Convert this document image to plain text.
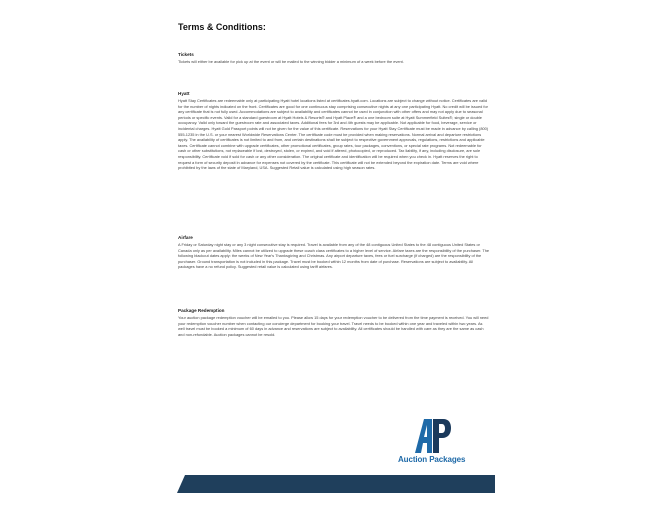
Terms & Conditions:
Tickets

Tickets will either be available for pick up at the event or will be mailed to the winning bidder a minimum of a week before the event.

Hyatt

Hyatt Stay Certificates are redeemable only at participating Hyatt hotel locations listed at certificates.hyatt.com. Locations are subject to change without notice. Certificates are valid for the number of nights indicated on the front. Certificates are good for one continuous stay comprising consecutive nights at any one participating Hyatt. No credit will be issued for any certificate that is not fully used. Accommodations are subject to availability and certificates cannot be used in conjunction with other offers and may not apply due to seasonal periods or specific events. Valid for a standard guestroom at Hyatt Hotels & Resorts® and Hyatt Place® and a one bedroom suite at Hyatt Summerfield Suites®, single or double occupancy. Valid only toward the guestroom rate and associated taxes. Additional fees for 3rd and 4th guests may be applicable. Not applicable for food, beverage, service or incidental charges. Hyatt Gold Passport points will not be given for the value of this certificate. Reservations for your Hyatt Stay Certificate must be made in advance by calling (800) 555-1235 in the U.S. or your nearest Worldwide Reservations Center. The certificate code must be provided when making reservations. Normal arrival and departure restrictions apply. The availability of certificates is not limited to and from, and certain destinations shall be subject to respective government approvals, regulations, restrictions and applicable taxes. Certificate cannot combine with upgrade certificates, other promotional certificates, group rates, tour packages, conventions, or special rate programs. Not redeemable for cash or other substitutions, not replaceable if lost, destroyed, stolen, or expired, and void if altered, photocopied, or reproduced. Tax liability, if any, including disclosure, are sole responsibility. Certificate void if sold for cash or any other consideration. The original certificate and identification will be required when you check in. Hyatt reserves the right to request a form of security deposit in advance for expenses not covered by the certificate. This certificate will not be extended beyond the expiration date. Terms are void where prohibited by the laws of the state of Maryland, USA. Suggested Retail value is calculated using high season rates.

Airfare

A Friday or Saturday night stay or any 3 night consecutive stay is required. Travel is available from any of the 48 contiguous United States to the 48 contiguous United States or Canada only as per availability. Miles cannot be utilized to upgrade these coach class certificates to a higher level of service. Airfare taxes are the responsibility of the purchaser. The following blackout dates apply: the weeks of New Year's Thanksgiving and Christmas. Any airport departure taxes, fees or fuel surcharge (if charged) are the responsibility of the purchaser. Ground transportation is not included in this package. Travel must be booked within 12 months from date of purchase. Reservations are subject to availability. All packages have a no refund policy. Suggested retail value is calculated using tariff airfares.

Package Redemption

Your auction package redemption voucher will be emailed to you. Please allow 15 days for your redemption voucher to be delivered from the time payment is received. You will need your redemption voucher number when contacting our concierge department for booking your travel. Travel needs to be booked within one year and traveled within two years. As well travel must be booked a minimum of 60 days in advance and reservations are subject to availability. All certificates should be handled with care as they are the same as cash and non-refundable. Auction packages cannot be resold.

Auction Packages
